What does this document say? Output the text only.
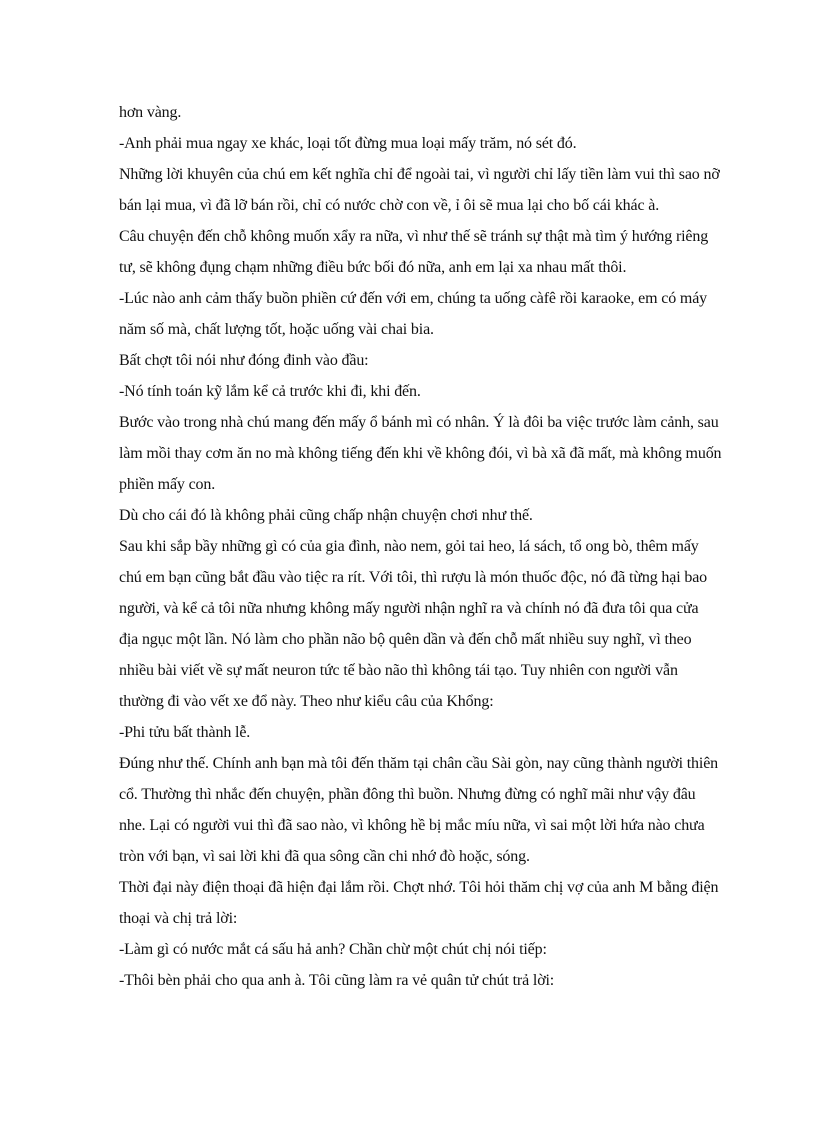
hơn vàng.

-Anh phải mua ngay xe khác, loại tốt đừng mua loại mấy trăm, nó sét đó.

Những lời khuyên của chú em kết nghĩa chỉ để ngoài tai, vì người chỉ lấy tiền làm vui thì sao nỡ

bán lại mua, vì đã lỡ bán rồi, chỉ có nước chờ con về, ỉ ôi sẽ mua lại cho bố cái khác à.

Câu chuyện đến chỗ không muốn xẩy ra nữa, vì như thế sẽ tránh sự thật mà tìm ý hướng riêng

tư, sẽ không đụng chạm những điều bức bối đó nữa, anh em lại xa nhau mất thôi.

-Lúc nào anh cảm thấy buồn phiền cứ đến với em, chúng ta uống càfê rồi karaoke, em có máy

năm số mà, chất lượng tốt, hoặc uống vài chai bia.

Bất chợt tôi nói như đóng đinh vào đầu:

-Nó tính toán kỹ lắm kể cả trước khi đi, khi đến.

Bước vào trong nhà chú mang đến mấy ổ bánh mì có nhân. Ý là đôi ba việc trước làm cảnh, sau

làm mồi thay cơm ăn no mà không tiếng đến khi về không đói, vì bà xã đã mất, mà không muốn

phiền mấy con.

Dù cho cái đó là không phải cũng chấp nhận chuyện chơi như thế.

Sau khi sắp bầy những gì có của gia đình, nào nem, gỏi tai heo, lá sách, tổ ong bò, thêm mấy

chú em bạn cũng bắt đầu vào tiệc ra rít. Với tôi, thì rượu là món thuốc độc, nó đã từng hại bao

người, và kể cả tôi nữa nhưng không mấy người nhận nghĩ ra và chính nó đã đưa tôi qua cửa

địa ngục một lần. Nó làm cho phần não bộ quên dần và đến chỗ mất nhiều suy nghĩ, vì theo

nhiều bài viết về sự mất neuron tức tế bào não thì không tái tạo. Tuy nhiên con người vẫn

thường đi vào vết xe đổ này. Theo như kiểu câu của Khổng:

-Phi tửu bất thành lễ.

Đúng như thế. Chính anh bạn mà tôi đến thăm tại chân cầu Sài gòn, nay cũng thành người thiên

cổ. Thường thì nhắc đến chuyện, phần đông thì buồn. Nhưng đừng có nghĩ mãi như vậy đâu

nhe. Lại có người vui thì đã sao nào, vì không hề bị mắc míu nữa, vì sai một lời hứa nào chưa

tròn với bạn, vì sai lời khi đã qua sông cần chi nhớ đò hoặc, sóng.

Thời đại này điện thoại đã hiện đại lắm rồi. Chợt nhớ. Tôi hỏi thăm chị vợ của anh M bằng điện

thoại và chị trả lời:

-Làm gì có nước mắt cá sấu hả anh? Chần chừ một chút chị nói tiếp:

-Thôi bèn phải cho qua anh à. Tôi cũng làm ra vẻ quân tử chút trả lời:
